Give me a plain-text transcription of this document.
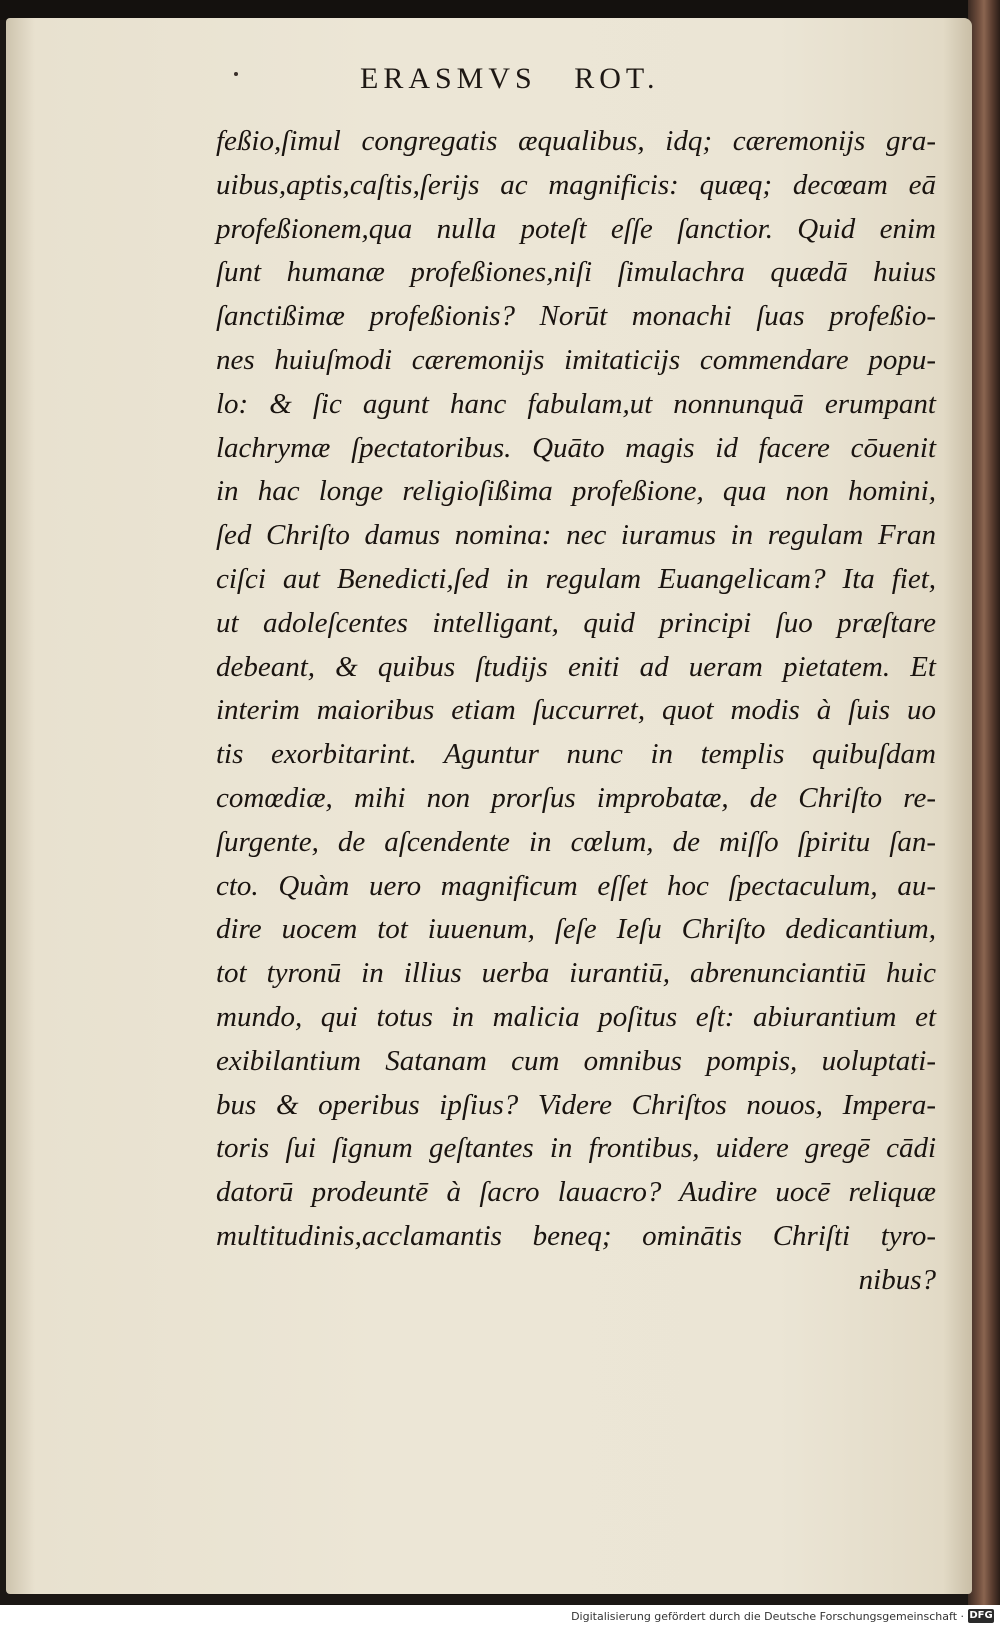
ERASMVS   ROT.
feßio,ſimul congregatis æqualibus, idq; cæremonijs gra-
uibus,aptis,caſtis,ſerijs ac magnificis: quæq; decœam eā
profeßionem,qua nulla poteſt eſſe ſanctior. Quid enim
ſunt humanæ profeßiones,niſi ſimulachra quædā huius
ſanctißimæ profeßionis? Norūt monachi ſuas profeßio-
nes huiuſmodi cæremonijs imitaticijs commendare popu-
lo: & ſic agunt hanc fabulam,ut nonnunquā erumpant
lachrymæ ſpectatoribus. Quāto magis id facere cōuenit
in hac longe religioſißima profeßione, qua non homini,
ſed Chriſto damus nomina: nec iuramus in regulam Fran
ciſci aut Benedicti,ſed in regulam Euangelicam? Ita fiet,
ut adoleſcentes intelligant, quid principi ſuo præſtare
debeant, & quibus ſtudijs eniti ad ueram pietatem. Et
interim maioribus etiam ſuccurret, quot modis à ſuis uo
tis exorbitarint. Aguntur nunc in templis quibuſdam
comœdiæ, mihi non prorſus improbatæ, de Chriſto re-
ſurgente, de aſcendente in cœlum, de miſſo ſpiritu ſan-
cto. Quàm uero magnificum eſſet hoc ſpectaculum, au-
dire uocem tot iuuenum, ſeſe Ieſu Chriſto dedicantium,
tot tyronū in illius uerba iurantiū, abrenunciantiū huic
mundo, qui totus in malicia poſitus eſt: abiurantium et
exibilantium Satanam cum omnibus pompis, uoluptati-
bus & operibus ipſius? Videre Chriſtos nouos, Impera-
toris ſui ſignum geſtantes in frontibus, uidere gregē cādi
datorū prodeuntē à ſacro lauacro? Audire uocē reliquæ
multitudinis,acclamantis beneq; ominātis Chriſti tyro-
nibus?
Digitalisierung gefördert durch die Deutsche Forschungsgemeinschaft · DFG
